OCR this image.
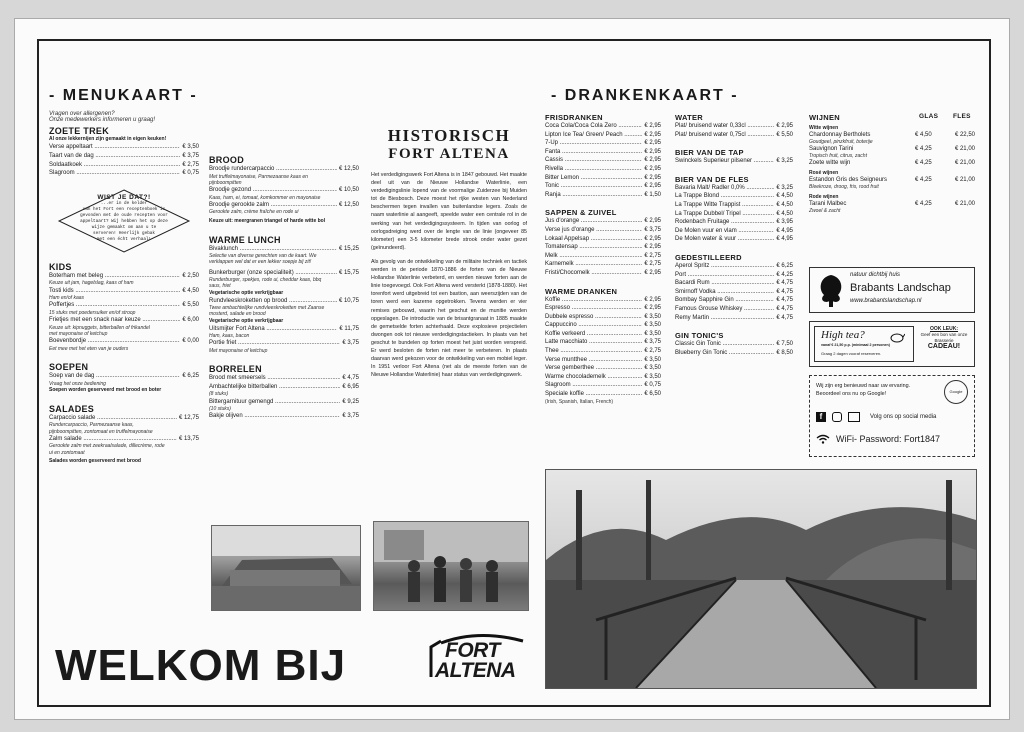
- MENUKAART -	- DRANKENKAART -
Vragen over allergenen?
Onze medewerkers informeren u graag!
ZOETE TREK
Al onze lekkernijen zijn gemaakt in eigen keuken!
Verse appeltaart .....	€ 3,50
Taart van de dag .....	€ 3,75
Soldaatkoek .....	€ 2,75
Slagroom .....	€ 0,75
WIST JE DAT?!
...er in de kelder
van het Fort een receptenboek is
gevonden met de oude recepten voor
appeltaart? Wij hebben het op deze
wijze gemaakt om aan u te
serveren! Heerlijk gebak
met een écht verhaal!
KIDS
Boterham met beleg .....	€ 2,50
Keuze uit jam, hagelslag, kaas of ham
Tosti kids .....	€ 4,50
Ham en/of kaas
Poffertjes .....	€ 5,50
15 stuks met poedersuiker en/of stroop
Frietjes met een snack naar keuze .....	€ 6,00
Keuze uit: kipnuggets, bitterballen of frikandel met mayonaise of ketchup
Boevenbordje .....	€ 0,00
Eet mee met het eten van je ouders
SOEPEN
Soep van de dag .....	€ 6,25
Vraag het onze bediening
Soepen worden geserveerd met brood en boter
SALADES
Carpaccio salade .....	€ 12,75
Rundercarpaccio, Parmezaanse kaas, pijnboompitten, zontomaat en truffelmayonaise
Zalm salade .....	€ 13,75
Gerookte zalm met zeekraalsalade, dillecrème, rode ui en zontomaat
Salades worden geserveerd met brood
BROOD
Broodje rundercarpaccio .....	€ 12,50
Met truffelmayonaise, Parmezaanse kaas en pijnboompitten
Broodje gezond .....	€ 10,50
Kaas, ham, ei, tomaat, komkommer en mayonaise
Broodje gerookte zalm .....	€ 12,50
Gerookte zalm, crème fraîche en rode ui
Keuze uit: meergranen triangel of harde witte bol
WARME LUNCH
Bivaklunch .....	€ 15,25
Selectie van diverse gerechten van de kaart. We verklappen wel dat er een lekker soepje bij zit!
Bunkerburger (onze specialiteit) .....	€ 15,75
Runderburger, spekjes, rode ui, cheddar kaas, bbq saus, friet
Vegetarische optie verkrijgbaar
Rundvleeskroketten op brood .....	€ 10,75
Twee ambachtelijke rundvleeskroketten met Zaanse mosterd, salade en brood
Vegetarische optie verkrijgbaar
Uitsmijter Fort Altena .....	€ 11,75
Ham, kaas, bacon
Portie friet .....	€ 3,75
Met mayonaise of ketchup
BORRELEN
Brood met smeersels .....	€ 4,75
Ambachtelijke bitterballen .....	€ 6,95
(8 stuks)
Bittergarnituur gemengd .....	€ 9,25
(10 stuks)
Bakje olijven .....	€ 3,75
HISTORISCH
FORT ALTENA
Het verdedigingswerk Fort Altena is in 1847 gebouwd. Het maakte deel uit van de Nieuwe Hollandse Waterlinie, een verdedigingslinie lopend van de voormalige Zuiderzee bij Muiden tot de Biesbosch. Deze moest het rijke westen van Nederland beschermen tegen invallen van buitenlandse legers. Zoals de naam waterlinie al aangeeft, speelde water een centrale rol in de werking van het verdedigingssysteem. In tijden van oorlog of oorlogsdreiging werd over de lengte van de linie (ongeveer 85 kilometer) een 3-5 kilometer brede strook onder water gezet (geïnundeerd).
Als gevolg van de ontwikkeling van de militaire techniek en tactiek werden in de periode 1870-1886 de forten van de Nieuwe Hollandse Waterlinie verbeterd, en werden nieuwe forten aan de linie toegevoegd. Ook Fort Altena werd versterkt (1878-1880). Het torenfort werd uitgebreid tot een bastion, aan weerszijden van de toren werd een kazerne opgetrokken. Tevens werden er vier remises gebouwd, waarin het geschut en de munitie werden opgeslagen. De introductie van de brisantgranaat in 1885 maakte de gemetselde forten achterhaald. Deze explosieve projectielen dwongen ook tot nieuwe verdedigingstactieken. In plaats van het geschut te bundelen op forten moest het juist worden verspreid. Er werd besloten de forten niet meer te verbeteren. In plaats daarvan werd gekozen voor de ontwikkeling van een mobiel leger. In 1951 verloor Fort Altena (net als de meeste forten van de Nieuwe Hollandse Waterlinie) haar status van verdedigingswerk.
WELKOM BIJ	FORT
ALTENA
FRISDRANKEN
Coca Cola/Coca Cola Zero .....	€ 2,95
Lipton Ice Tea/ Green/ Peach .....	€ 2,95
7-Up .....	€ 2,95
Fanta .....	€ 2,95
Cassis .....	€ 2,95
Rivella .....	€ 2,95
Bitter Lemon .....	€ 2,95
Tonic .....	€ 2,95
Ranja .....	€ 1,50
SAPPEN & ZUIVEL
Jus d'orange .....	€ 2,95
Verse jus d'orange .....	€ 3,75
Lokaal Appelsap .....	€ 2,95
Tomatensap .....	€ 2,95
Melk .....	€ 2,75
Karnemelk .....	€ 2,75
Fristi/Chocomelk .....	€ 2,95
WARME DRANKEN
Koffie .....	€ 2,95
Espresso .....	€ 2,95
Dubbele espresso .....	€ 3,50
Cappuccino .....	€ 3,50
Koffie verkeerd .....	€ 3,50
Latte macchiato .....	€ 3,75
Thee .....	€ 2,75
Verse muntthee .....	€ 3,50
Verse gemberthee .....	€ 3,50
Warme chocolademelk .....	€ 3,50
Slagroom .....	€ 0,75
Speciale koffie .....	€ 6,50
(Irish, Spanish, Italian, French)
WATER
Plat/ bruisend water 0,33cl .....	€ 2,95
Plat/ bruisend water 0,75cl .....	€ 5,50
BIER VAN DE TAP
Swinckels Superieur pilsener .....	€ 3,25
BIER VAN DE FLES
Bavaria Malt/ Radler 0,0% .....	€ 3,25
La Trappe Blond .....	€ 4,50
La Trappe Witte Trappist .....	€ 4,50
La Trappe Dubbel/ Tripel .....	€ 4,50
Rodenbach Fruitage .....	€ 3,95
De Molen vuur en vlam .....	€ 4,95
De Molen water & vuur .....	€ 4,95
GEDESTILLEERD
Aperol Spritz .....	€ 6,25
Port .....	€ 4,25
Bacardi Rum .....	€ 4,75
Smirnoff Vodka .....	€ 4,75
Bombay Sapphire Gin .....	€ 4,75
Famous Grouse Whiskey .....	€ 4,75
Remy Martin .....	€ 4,75
GIN TONIC'S
Classic Gin Tonic .....	€ 7,50
Blueberry Gin Tonic .....	€ 8,50
WIJNEN	GLAS	FLES
Witte wijnen
Chardonnay Bertholets	€ 4,50	€ 22,50
Goudgeel, pinzkfruit, boterije
Sauvignon Tarini	€ 4,25	€ 21,00
Tropisch fruit, citrus, zacht
Zoete witte wijn	€ 4,25	€ 21,00
Rosé wijnen
Estandon Gris des Seigneurs	€ 4,25	€ 21,00
Bleekroze, droog, fris, rood fruit
Rode wijnen
Tarani Malbec	€ 4,25	€ 21,00
Zwoel & zacht
natuur dichtbij huis
Brabants Landschap
www.brabantslandschap.nl
High tea?
vanaf € 21,50 p.p. (minimaal 2 personen)
Graag 2 dagen vooraf reserveren.
OOK LEUK:
Geef een bon van onze Brasserie
CADEAU!
Wij zijn erg benieuwd naar uw ervaring.
Beoordeel ons nu op Google!	Google
f	Volg ons op social media
WiFi- Password: Fort1847
